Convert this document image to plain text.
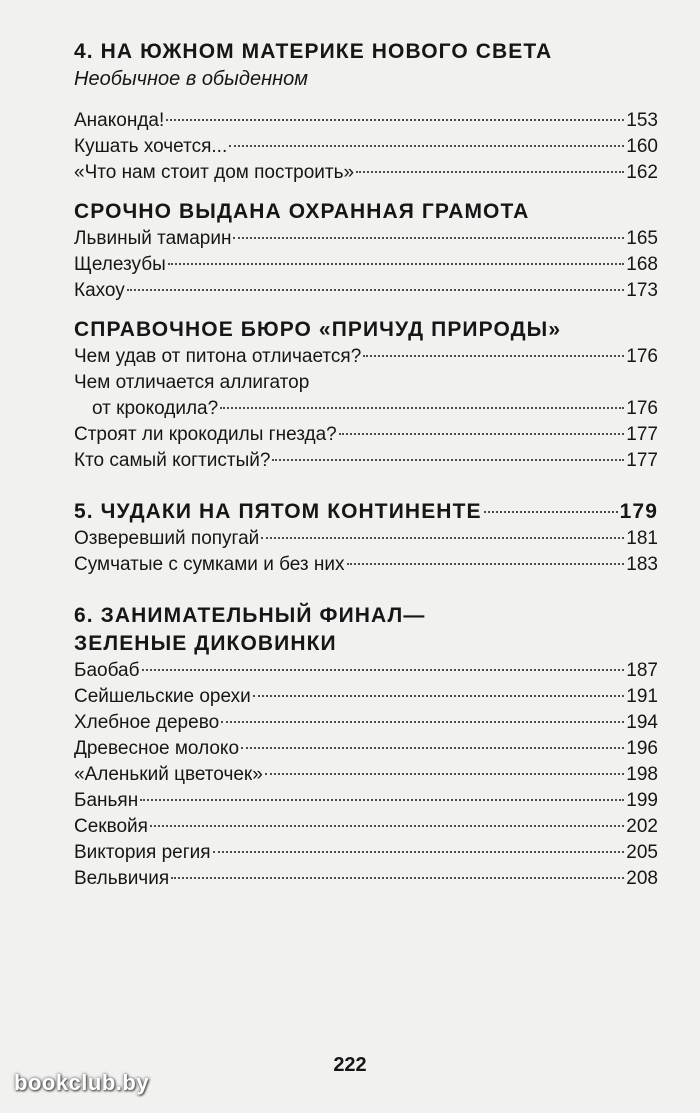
4. НА ЮЖНОМ МАТЕРИКЕ НОВОГО СВЕТА
Необычное в обыденном
Анаконда!	153
Кушать хочется...	160
«Что нам стоит дом построить»	162
СРОЧНО ВЫДАНА ОХРАННАЯ ГРАМОТА
Львиный тамарин	165
Щелезубы	168
Кахоу	173
СПРАВОЧНОЕ БЮРО «ПРИЧУД ПРИРОДЫ»
Чем удав от питона отличается?	176
Чем отличается аллигатор
от крокодила?	176
Строят ли крокодилы гнезда?	177
Кто самый когтистый?	177
5. ЧУДАКИ НА ПЯТОМ КОНТИНЕНТЕ	179
Озверевший попугай	181
Сумчатые с сумками и без них	183
6. ЗАНИМАТЕЛЬНЫЙ ФИНАЛ—
ЗЕЛЕНЫЕ ДИКОВИНКИ
Баобаб	187
Сейшельские орехи	191
Хлебное дерево	194
Древесное молоко	196
«Аленький цветочек»	198
Баньян	199
Секвойя	202
Виктория регия	205
Вельвичия	208
222
bookclub.by
